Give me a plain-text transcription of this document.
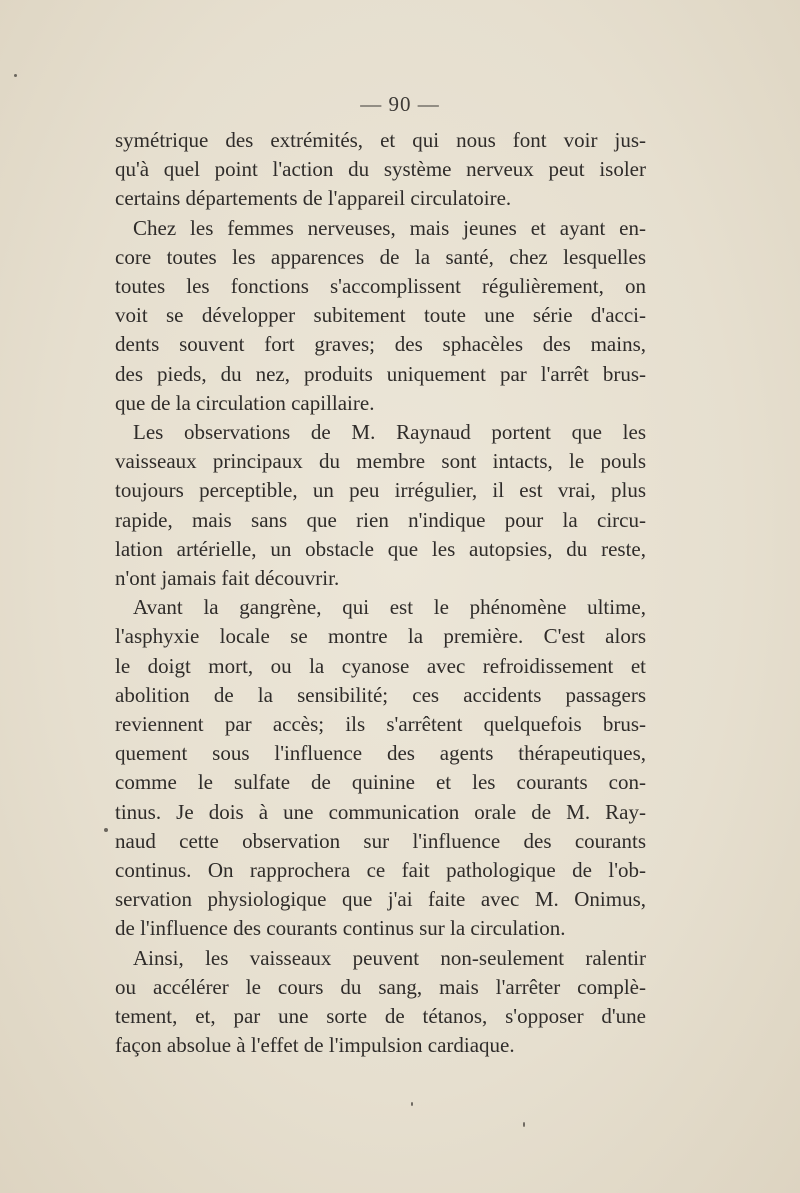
— 90 —

symétrique des extrémités, et qui nous font voir jus-
qu'à quel point l'action du système nerveux peut isoler
certains départements de l'appareil circulatoire.

Chez les femmes nerveuses, mais jeunes et ayant en-
core toutes les apparences de la santé, chez lesquelles
toutes les fonctions s'accomplissent régulièrement, on
voit se développer subitement toute une série d'acci-
dents souvent fort graves; des sphacèles des mains,
des pieds, du nez, produits uniquement par l'arrêt brus-
que de la circulation capillaire.

Les observations de M. Raynaud portent que les
vaisseaux principaux du membre sont intacts, le pouls
toujours perceptible, un peu irrégulier, il est vrai, plus
rapide, mais sans que rien n'indique pour la circu-
lation artérielle, un obstacle que les autopsies, du reste,
n'ont jamais fait découvrir.

Avant la gangrène, qui est le phénomène ultime,
l'asphyxie locale se montre la première. C'est alors
le doigt mort, ou la cyanose avec refroidissement et
abolition de la sensibilité; ces accidents passagers
reviennent par accès; ils s'arrêtent quelquefois brus-
quement sous l'influence des agents thérapeutiques,
comme le sulfate de quinine et les courants con-
tinus. Je dois à une communication orale de M. Ray-
naud cette observation sur l'influence des courants
continus. On rapprochera ce fait pathologique de l'ob-
servation physiologique que j'ai faite avec M. Onimus,
de l'influence des courants continus sur la circulation.

Ainsi, les vaisseaux peuvent non-seulement ralentir
ou accélérer le cours du sang, mais l'arrêter complè-
tement, et, par une sorte de tétanos, s'opposer d'une
façon absolue à l'effet de l'impulsion cardiaque.
